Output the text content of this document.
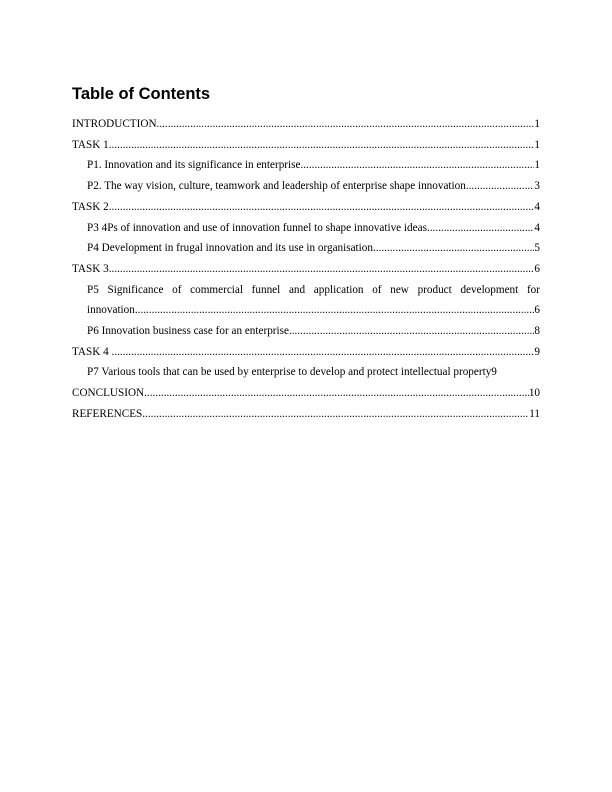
Table of Contents
INTRODUCTION .....	1
TASK 1 .....	1
P1. Innovation and its significance in enterprise .....	1
P2. The way vision, culture, teamwork and leadership of enterprise shape innovation .....	3
TASK 2 .....	4
P3 4Ps of innovation and use of innovation funnel to shape innovative ideas .....	4
P4 Development in frugal innovation and its use in organisation .....	5
TASK 3 .....	6
P5 Significance of commercial funnel and application of new product development for
innovation .....	6
P6 Innovation business case for an enterprise .....	8
TASK 4 .....	9
P7 Various tools that can be used by enterprise to develop and protect intellectual property 9
CONCLUSION .....	10
REFERENCES .....	11
